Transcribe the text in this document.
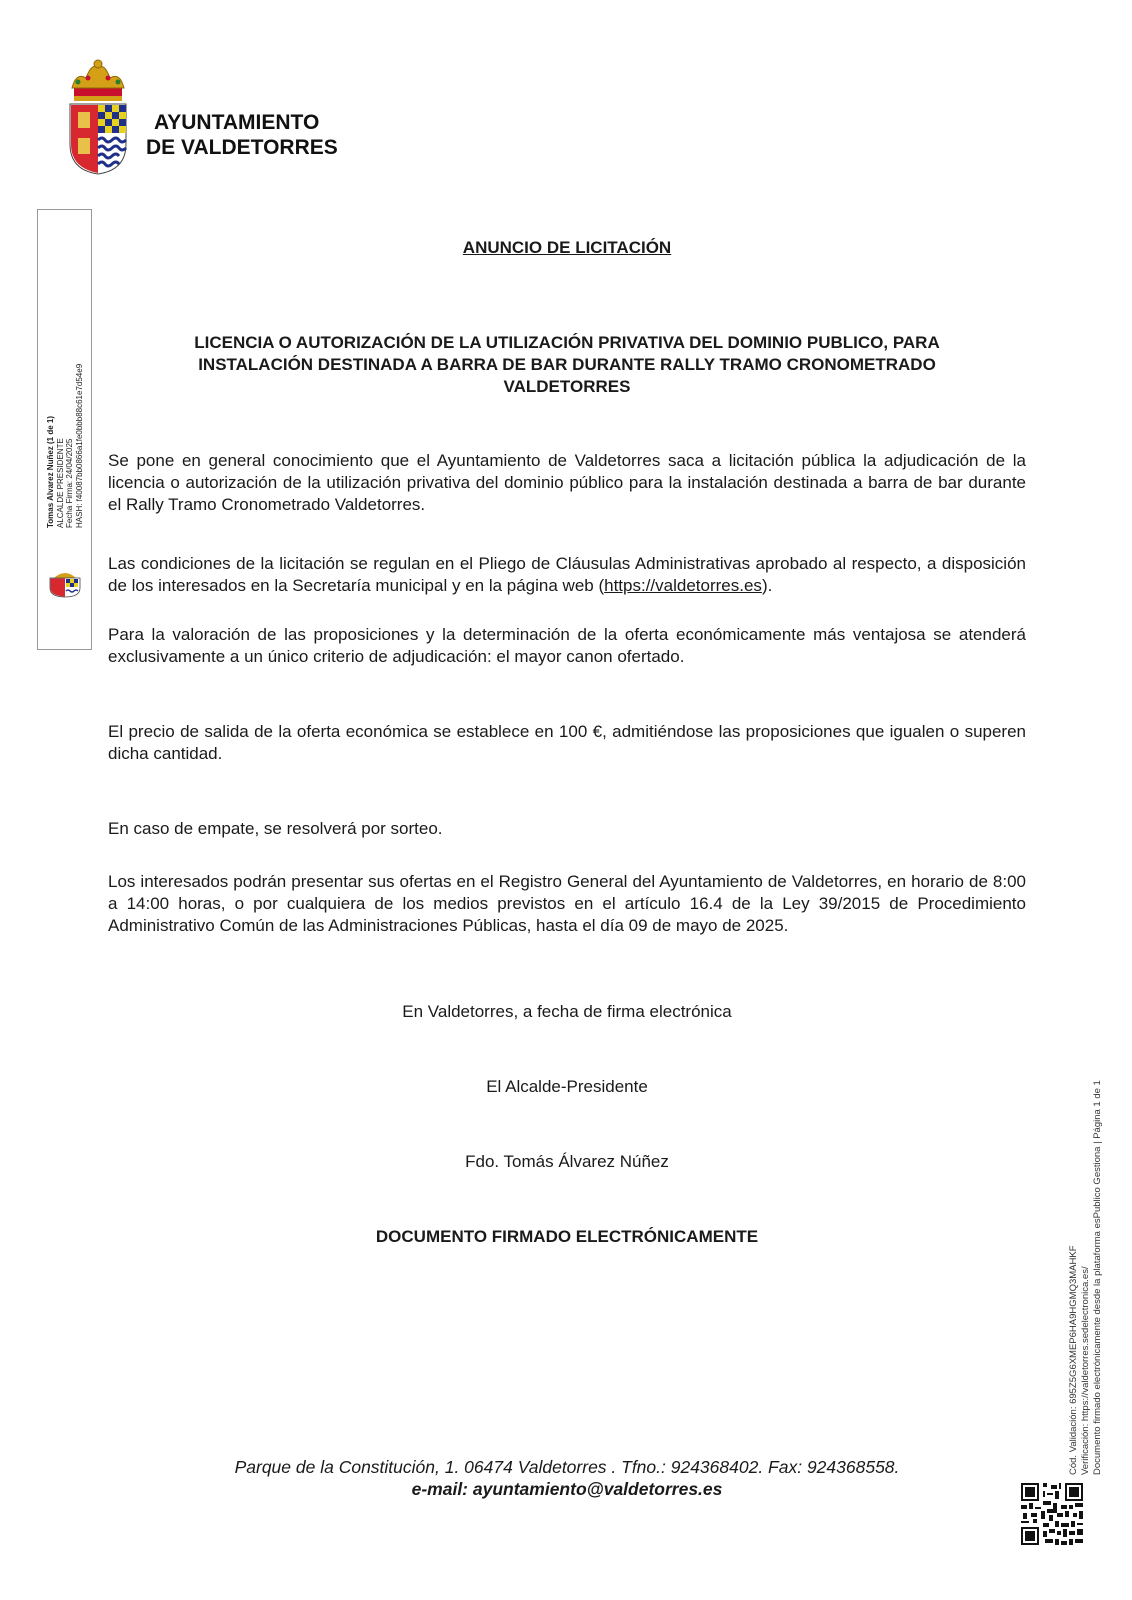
AYUNTAMIENTO
DE VALDETORRES
Tomas Alvarez Nuñez (1 de 1) ALCALDE PRESIDENTE Fecha Firma: 24/04/2025 HASH: f40087bb0866a1fe0bbb88c61e7d54e9

ANUNCIO DE LICITACIÓN

LICENCIA O AUTORIZACIÓN DE LA UTILIZACIÓN PRIVATIVA DEL DOMINIO PUBLICO, PARA INSTALACIÓN DESTINADA A BARRA DE BAR DURANTE RALLY TRAMO CRONOMETRADO VALDETORRES

Se pone en general conocimiento que el Ayuntamiento de Valdetorres saca a licitación pública la adjudicación de la licencia o autorización de la utilización privativa del dominio público para la instalación destinada a barra de bar durante el Rally Tramo Cronometrado Valdetorres.

Las condiciones de la licitación se regulan en el Pliego de Cláusulas Administrativas aprobado al respecto, a disposición de los interesados en la Secretaría municipal y en la página web (https://valdetorres.es).

Para la valoración de las proposiciones y la determinación de la oferta económicamente más ventajosa se atenderá exclusivamente a un único criterio de adjudicación: el mayor canon ofertado.

El precio de salida de la oferta económica se establece en 100 €, admitiéndose las proposiciones que igualen o superen dicha cantidad.

En caso de empate, se resolverá por sorteo.

Los interesados podrán presentar sus ofertas en el Registro General del Ayuntamiento de Valdetorres, en horario de 8:00 a 14:00 horas, o por cualquiera de los medios previstos en el artículo 16.4 de la Ley 39/2015 de Procedimiento Administrativo Común de las Administraciones Públicas, hasta el día 09 de mayo de 2025.

En Valdetorres, a fecha de firma electrónica

El Alcalde-Presidente

Fdo. Tomás Álvarez Núñez

DOCUMENTO FIRMADO ELECTRÓNICAMENTE

Parque de la Constitución, 1. 06474 Valdetorres . Tfno.: 924368402. Fax: 924368558.
e-mail: ayuntamiento@valdetorres.es
Cód. Validación: 695Z5G6XMEP6HA9HGMQ3MAHKF Verificación: https://valdetorres.sedelectronica.es/ Documento firmado electrónicamente desde la plataforma esPublico Gestiona | Página 1 de 1
